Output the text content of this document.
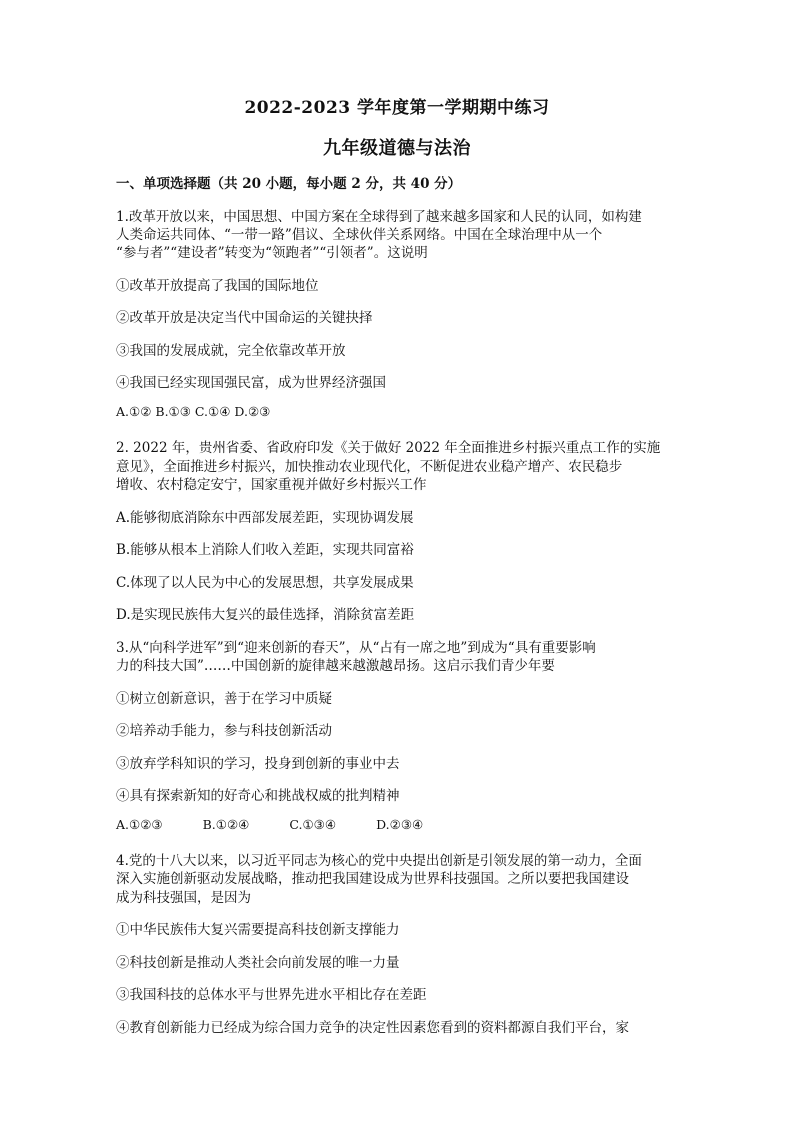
2022-2023 学年度第一学期期中练习
九年级道德与法治
一、单项选择题（共 20 小题，每小题 2 分，共 40 分）
1.改革开放以来，中国思想、中国方案在全球得到了越来越多国家和人民的认同，如构建
人类命运共同体、“一带一路”倡议、全球伙伴关系网络。中国在全球治理中从一个
“参与者”“建设者”转变为“领跑者”“引领者”。这说明
①改革开放提高了我国的国际地位
②改革开放是决定当代中国命运的关键抉择
③我国的发展成就，完全依靠改革开放
④我国已经实现国强民富，成为世界经济强国
A.①② B.①③ C.①④ D.②③
2. 2022 年，贵州省委、省政府印发《关于做好 2022 年全面推进乡村振兴重点工作的实施
意见》，全面推进乡村振兴，加快推动农业现代化，不断促进农业稳产增产、农民稳步
增收、农村稳定安宁，国家重视并做好乡村振兴工作
A.能够彻底消除东中西部发展差距，实现协调发展
B.能够从根本上消除人们收入差距，实现共同富裕
C.体现了以人民为中心的发展思想，共享发展成果
D.是实现民族伟大复兴的最佳选择，消除贫富差距
3.从“向科学进军”到“迎来创新的春天”，从“占有一席之地”到成为“具有重要影响
力的科技大国”……中国创新的旋律越来越激越昂扬。这启示我们青少年要
①树立创新意识，善于在学习中质疑
②培养动手能力，参与科技创新活动
③放弃学科知识的学习，投身到创新的事业中去
④具有探索新知的好奇心和挑战权威的批判精神
A.①②③	B.①②④	C.①③④	D.②③④
4.党的十八大以来，以习近平同志为核心的党中央提出创新是引领发展的第一动力，全面
深入实施创新驱动发展战略，推动把我国建设成为世界科技强国。之所以要把我国建设
成为科技强国，是因为
①中华民族伟大复兴需要提高科技创新支撑能力
②科技创新是推动人类社会向前发展的唯一力量
③我国科技的总体水平与世界先进水平相比存在差距
④教育创新能力已经成为综合国力竞争的决定性因素您看到的资料都源自我们平台，家
